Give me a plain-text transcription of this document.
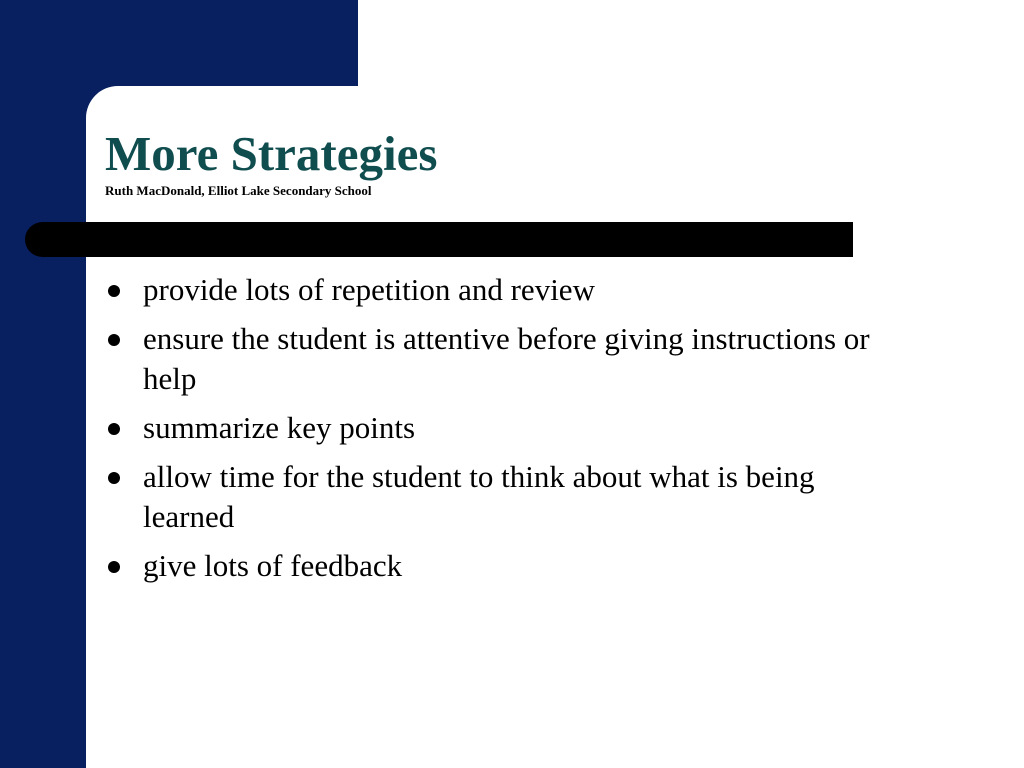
More Strategies
Ruth MacDonald, Elliot Lake Secondary School
provide lots of repetition and review
ensure the student is attentive before giving instructions or help
summarize key points
allow time for the student to think about what is being learned
give lots of feedback
